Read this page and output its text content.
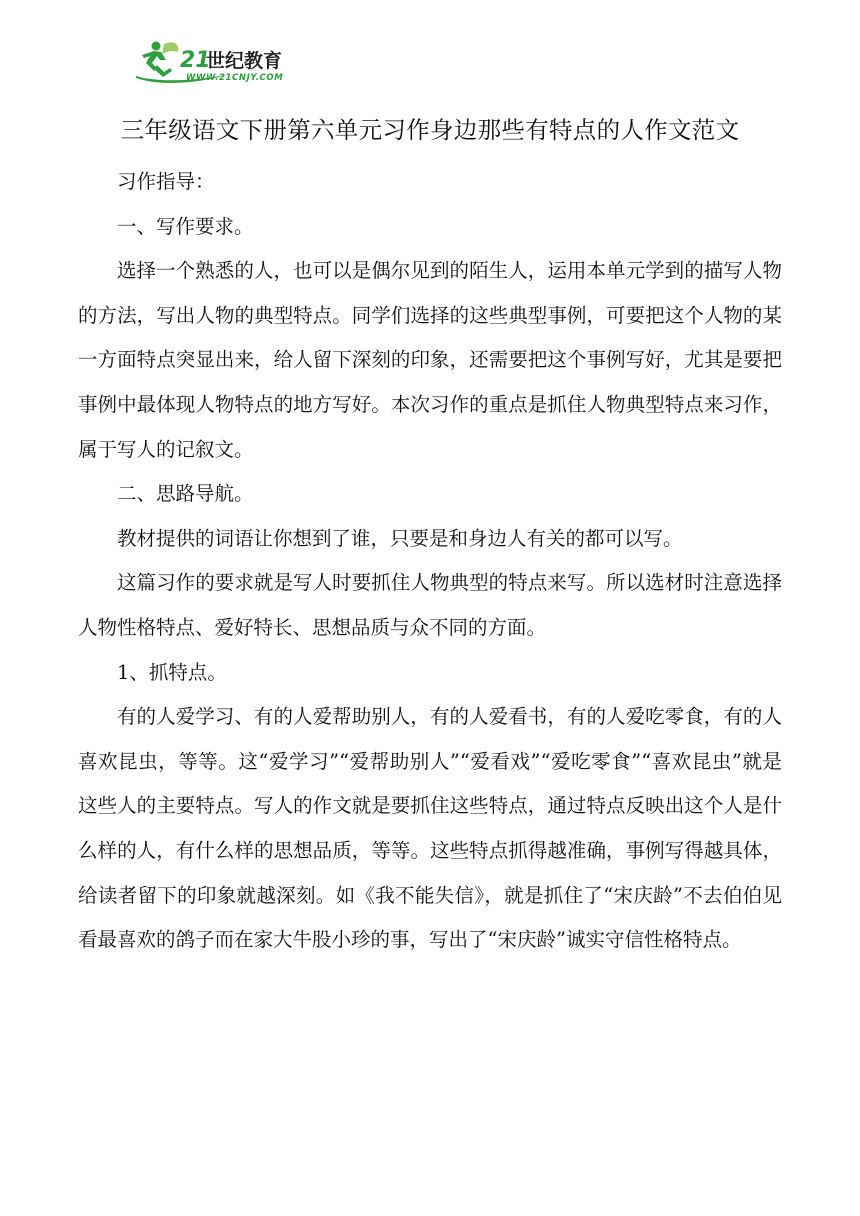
21
世纪教育
WWW.21CNJY.COM
三年级语文下册第六单元习作身边那些有特点的人作文范文

习作指导：

一、写作要求。

选择一个熟悉的人，也可以是偶尔见到的陌生人，运用本单元学到的描写人物的方法，写出人物的典型特点。同学们选择的这些典型事例，可要把这个人物的某一方面特点突显出来，给人留下深刻的印象，还需要把这个事例写好，尤其是要把事例中最体现人物特点的地方写好。本次习作的重点是抓住人物典型特点来习作，属于写人的记叙文。

二、思路导航。

教材提供的词语让你想到了谁，只要是和身边人有关的都可以写。

这篇习作的要求就是写人时要抓住人物典型的特点来写。所以选材时注意选择人物性格特点、爱好特长、思想品质与众不同的方面。

1、抓特点。

有的人爱学习、有的人爱帮助别人，有的人爱看书，有的人爱吃零食，有的人喜欢昆虫，等等。这“爱学习”“爱帮助别人”“爱看戏”“爱吃零食”“喜欢昆虫”就是这些人的主要特点。写人的作文就是要抓住这些特点，通过特点反映出这个人是什么样的人，有什么样的思想品质，等等。这些特点抓得越准确，事例写得越具体，给读者留下的印象就越深刻。如《我不能失信》，就是抓住了“宋庆龄”不去伯伯见看最喜欢的鸽子而在家大牛股小珍的事，写出了“宋庆龄”诚实守信性格特点。
